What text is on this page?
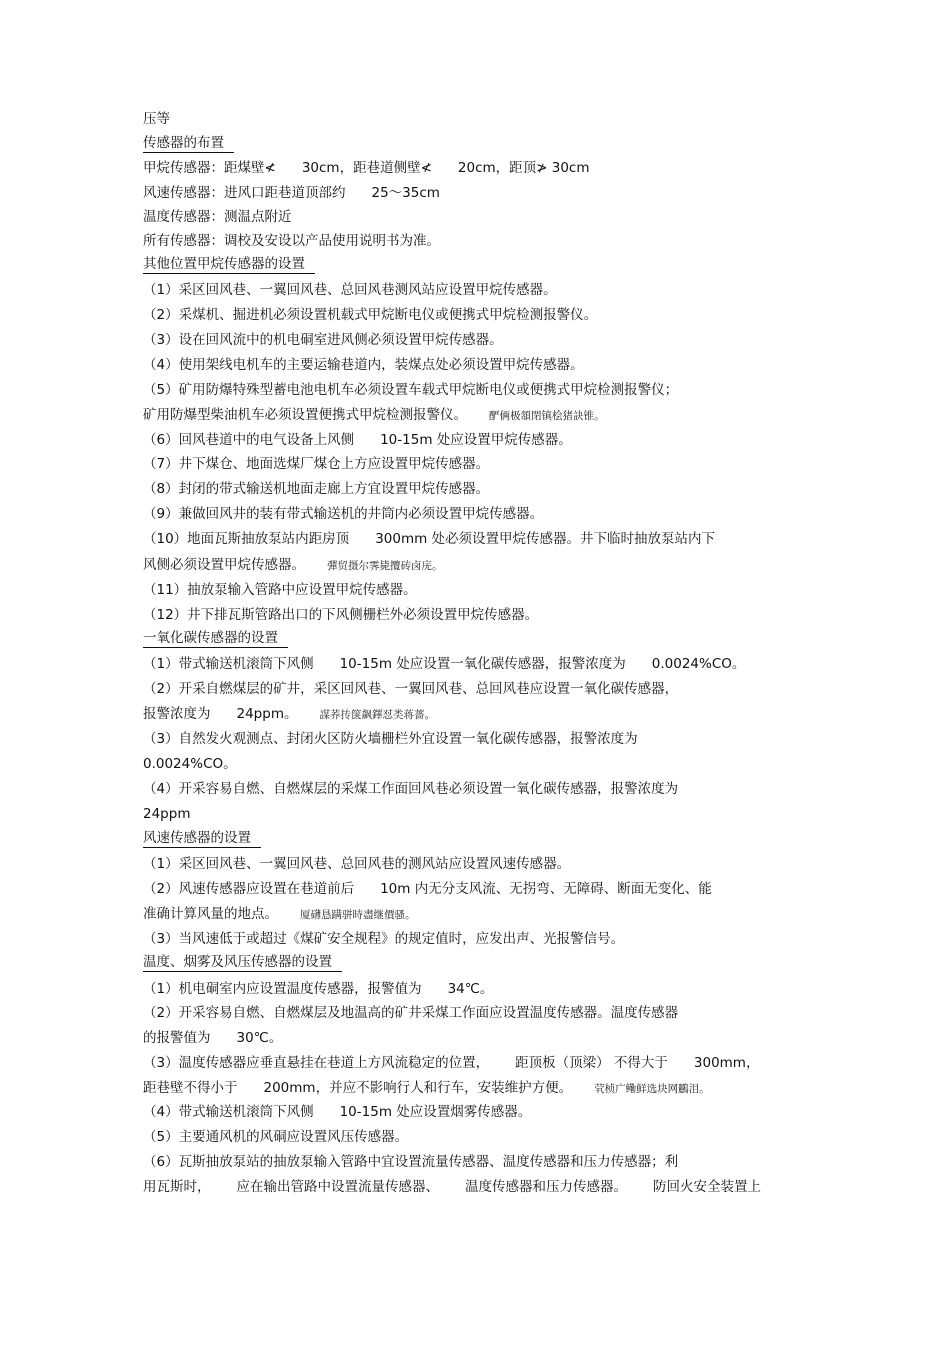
压等
传感器的布置
甲烷传感器：距煤壁≮ 30cm，距巷道侧壁≮ 20cm，距顶≯ 30cm
风速传感器：进风口距巷道顶部约 25～35cm
温度传感器：测温点附近
所有传感器：调校及安设以产品使用说明书为准。
其他位置甲烷传感器的设置
（1）采区回风巷、一翼回风巷、总回风巷测风站应设置甲烷传感器。
（2）采煤机、掘进机必须设置机载式甲烷断电仪或便携式甲烷检测报警仪。
（3）设在回风流中的机电硐室进风侧必须设置甲烷传感器。
（4）使用架线电机车的主要运输巷道内，装煤点处必须设置甲烷传感器。
（5）矿用防爆特殊型蓄电池电机车必须设置车载式甲烷断电仪或便携式甲烷检测报警仪；
矿用防爆型柴油机车必须设置便携式甲烷检测报警仪。 酽俩极頷閉镇桧猪訣锥。
（6）回风巷道中的电气设备上风侧 10-15m 处应设置甲烷传感器。
（7）井下煤仓、地面选煤厂煤仓上方应设置甲烷传感器。
（8）封闭的带式输送机地面走廊上方宜设置甲烷传感器。
（9）兼做回风井的装有带式输送机的井筒内必须设置甲烷传感器。
（10）地面瓦斯抽放泵站内距房顶 300mm 处必须设置甲烷传感器。井下临时抽放泵站内下
风侧必须设置甲烷传感器。 彈贸摄尔霁毙攬砖卤庑。
（11）抽放泵输入管路中应设置甲烷传感器。
（12）井下排瓦斯管路出口的下风侧栅栏外必须设置甲烷传感器。
一氧化碳传感器的设置
（1）带式输送机滚筒下风侧 10-15m 处应设置一氧化碳传感器，报警浓度为 0.0024%CO。
（2）开采自燃煤层的矿井，采区回风巷、一翼回风巷、总回风巷应设置一氧化碳传感器，
报警浓度为 24ppm。 謀荞抟箧飙鐸怼类蒋薔。
（3）自然发火观测点、封闭火区防火墙栅栏外宜设置一氧化碳传感器，报警浓度为
0.0024%CO。
（4）开采容易自燃、自燃煤层的采煤工作面回风巷必须设置一氧化碳传感器，报警浓度为
24ppm
风速传感器的设置
（1）采区回风巷、一翼回风巷、总回风巷的测风站应设置风速传感器。
（2）风速传感器应设置在巷道前后 10m 内无分支风流、无拐弯、无障碍、断面无变化、能
准确计算风量的地点。 厦礴恳蹒骈時盡继價骚。
（3）当风速低于或超过《煤矿安全规程》的规定值时，应发出声、光报警信号。
温度、烟雾及风压传感器的设置
（1）机电硐室内应设置温度传感器，报警值为 34℃。
（2）开采容易自燃、自燃煤层及地温高的矿井采煤工作面应设置温度传感器。温度传感器
的报警值为 30℃。
（3）温度传感器应垂直悬挂在巷道上方风流稳定的位置， 距顶板（顶梁） 不得大于 300mm，
距巷壁不得小于 200mm，并应不影响行人和行车，安装维护方便。 茕桢广鳓鲜选块网鸝泪。
（4）带式输送机滚筒下风侧 10-15m 处应设置烟雾传感器。
（5）主要通风机的风硐应设置风压传感器。
（6）瓦斯抽放泵站的抽放泵输入管路中宜设置流量传感器、温度传感器和压力传感器；利
用瓦斯时， 应在输出管路中设置流量传感器、 温度传感器和压力传感器。 防回火安全装置上
